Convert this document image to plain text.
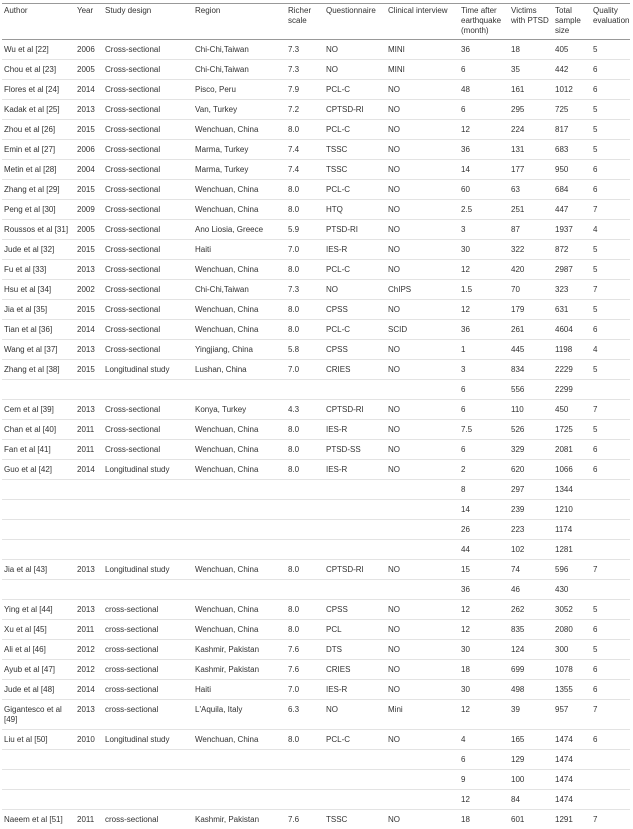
Author	Year	Study design	Region	Richer scale	Questionnaire	Clinical interview	Time after earthquake (month)	Victims with PTSD	Total sample size	Quality evaluation
Wu et al [22]	2006	Cross-sectional	Chi-Chi,Taiwan	7.3	NO	MINI	36	18	405	5
Chou et al [23]	2005	Cross-sectional	Chi-Chi,Taiwan	7.3	NO	MINI	6	35	442	6
Flores et al [24]	2014	Cross-sectional	Pisco, Peru	7.9	PCL-C	NO	48	161	1012	6
Kadak et al [25]	2013	Cross-sectional	Van, Turkey	7.2	CPTSD-RI	NO	6	295	725	5
Zhou et al [26]	2015	Cross-sectional	Wenchuan, China	8.0	PCL-C	NO	12	224	817	5
Emin et al [27]	2006	Cross-sectional	Marma, Turkey	7.4	TSSC	NO	36	131	683	5
Metin et al [28]	2004	Cross-sectional	Marma, Turkey	7.4	TSSC	NO	14	177	950	6
Zhang et al [29]	2015	Cross-sectional	Wenchuan, China	8.0	PCL-C	NO	60	63	684	6
Peng et al [30]	2009	Cross-sectional	Wenchuan, China	8.0	HTQ	NO	2.5	251	447	7
Roussos et al [31]	2005	Cross-sectional	Ano Liosia, Greece	5.9	PTSD-RI	NO	3	87	1937	4
Jude et al [32]	2015	Cross-sectional	Haiti	7.0	IES-R	NO	30	322	872	5
Fu et al [33]	2013	Cross-sectional	Wenchuan, China	8.0	PCL-C	NO	12	420	2987	5
Hsu et al [34]	2002	Cross-sectional	Chi-Chi,Taiwan	7.3	NO	ChIPS	1.5	70	323	7
Jia et al [35]	2015	Cross-sectional	Wenchuan, China	8.0	CPSS	NO	12	179	631	5
Tian et al [36]	2014	Cross-sectional	Wenchuan, China	8.0	PCL-C	SCID	36	261	4604	6
Wang et al [37]	2013	Cross-sectional	Yingjiang, China	5.8	CPSS	NO	1	445	1198	4
Zhang et al [38]	2015	Longitudinal study	Lushan, China	7.0	CRIES	NO	3	834	2229	5
							6	556	2299	
Cem et al [39]	2013	Cross-sectional	Konya, Turkey	4.3	CPTSD-RI	NO	6	110	450	7
Chan et al [40]	2011	Cross-sectional	Wenchuan, China	8.0	IES-R	NO	7.5	526	1725	5
Fan et al [41]	2011	Cross-sectional	Wenchuan, China	8.0	PTSD-SS	NO	6	329	2081	6
Guo et al [42]	2014	Longitudinal study	Wenchuan, China	8.0	IES-R	NO	2	620	1066	6
							8	297	1344	
							14	239	1210	
							26	223	1174	
							44	102	1281	
Jia et al [43]	2013	Longitudinal study	Wenchuan, China	8.0	CPTSD-RI	NO	15	74	596	7
							36	46	430	
Ying et al [44]	2013	cross-sectional	Wenchuan, China	8.0	CPSS	NO	12	262	3052	5
Xu et al [45]	2011	cross-sectional	Wenchuan, China	8.0	PCL	NO	12	835	2080	6
Ali et al [46]	2012	cross-sectional	Kashmir, Pakistan	7.6	DTS	NO	30	124	300	5
Ayub et al [47]	2012	cross-sectional	Kashmir, Pakistan	7.6	CRIES	NO	18	699	1078	6
Jude et al [48]	2014	cross-sectional	Haiti	7.0	IES-R	NO	30	498	1355	6
Gigantesco et al [49]	2013	cross-sectional	L'Aquila, Italy	6.3	NO	Mini	12	39	957	7
Liu et al [50]	2010	Longitudinal study	Wenchuan, China	8.0	PCL-C	NO	4	165	1474	6
							6	129	1474	
							9	100	1474	
							12	84	1474	
Naeem et al [51]	2011	cross-sectional	Kashmir, Pakistan	7.6	TSSC	NO	18	601	1291	7
